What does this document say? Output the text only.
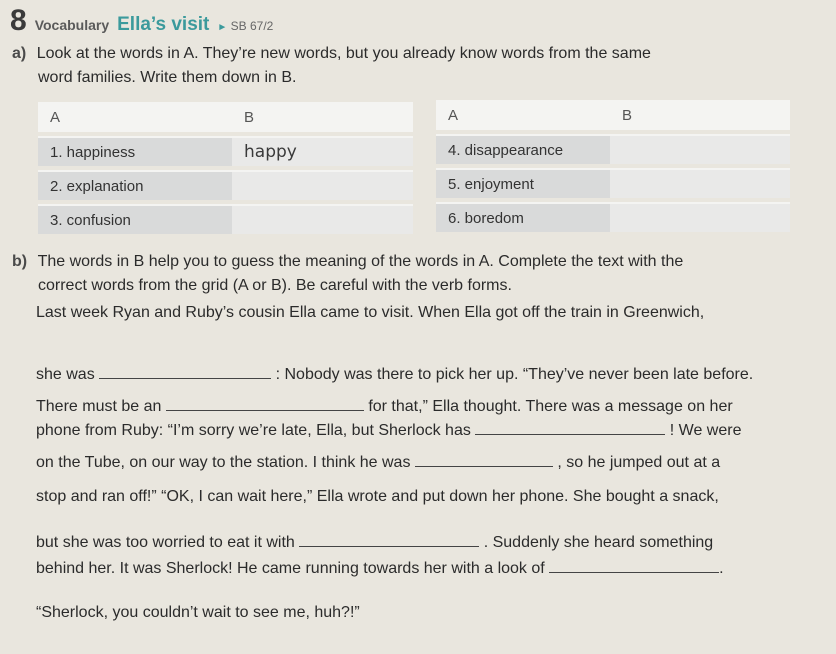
8 Vocabulary Ella’s visit ► SB 67/2
a) Look at the words in A. They’re new words, but you already know words from the same
word families. Write them down in B.
A	B
1. happiness	happy
2. explanation	
3. confusion	
A	B
4. disappearance	
5. enjoyment	
6. boredom	
b) The words in B help you to guess the meaning of the words in A. Complete the text with the
correct words from the grid (A or B). Be careful with the verb forms.
Last week Ryan and Ruby’s cousin Ella came to visit. When Ella got off the train in Greenwich,
she was	: Nobody was there to pick her up. “They’ve never been late before.
There must be an	for that,” Ella thought. There was a message on her
phone from Ruby: “I’m sorry we’re late, Ella, but Sherlock has	! We were
on the Tube, on our way to the station. I think he was	, so he jumped out at a
stop and ran off!” “OK, I can wait here,” Ella wrote and put down her phone. She bought a snack,
but she was too worried to eat it with	. Suddenly she heard something
behind her. It was Sherlock! He came running towards her with a look of	.
“Sherlock, you couldn’t wait to see me, huh?!”
